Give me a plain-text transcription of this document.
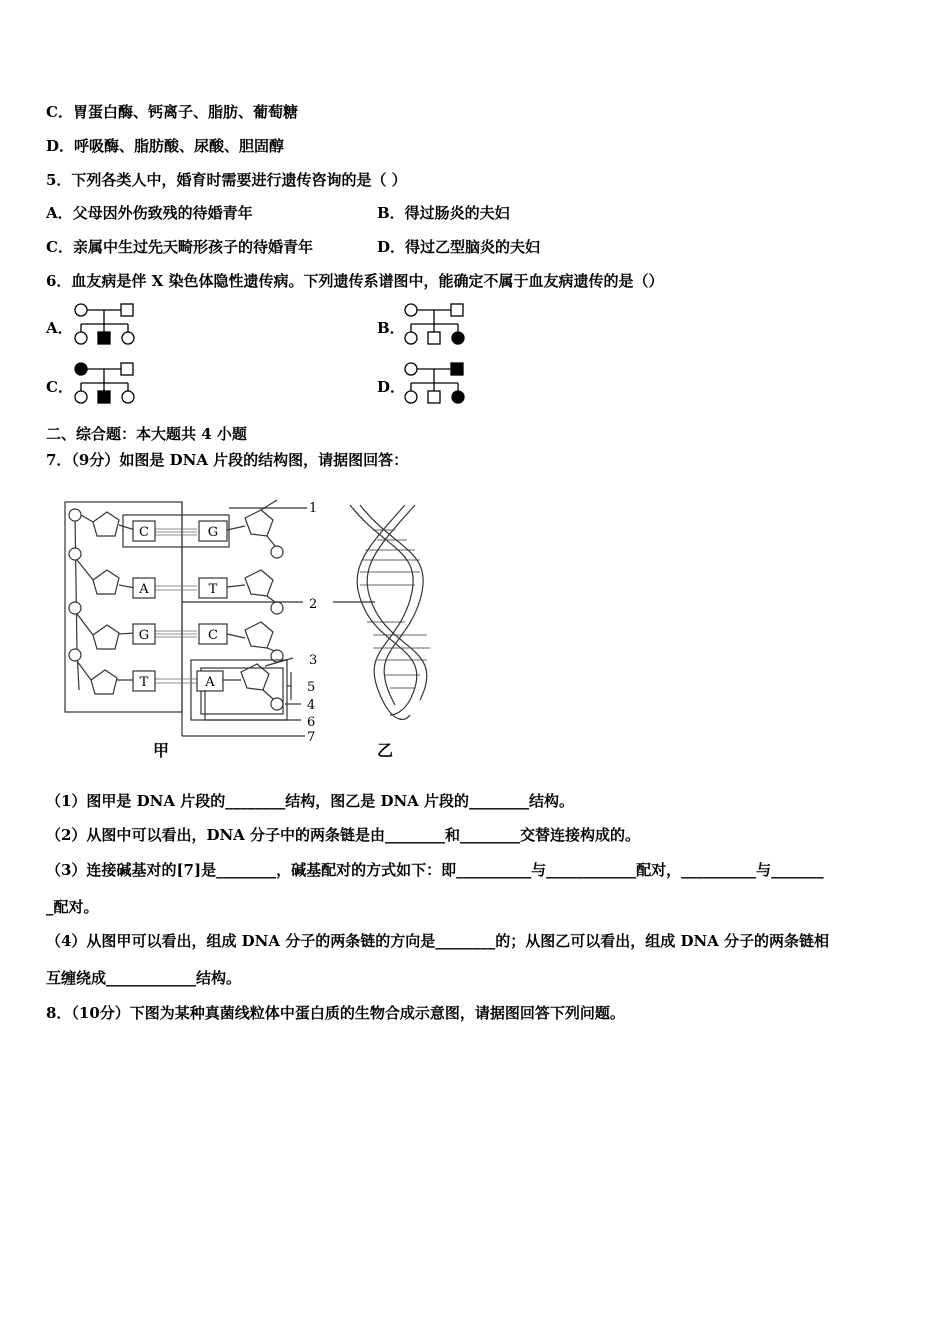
C．胃蛋白酶、钙离子、脂肪、葡萄糖
D．呼吸酶、脂肪酸、尿酸、胆固醇
5．下列各类人中，婚育时需要进行遗传咨询的是（ ）
A．父母因外伤致残的待婚青年	B．得过肠炎的夫妇
C．亲属中生过先天畸形孩子的待婚青年	D．得过乙型脑炎的夫妇
6．血友病是伴 X 染色体隐性遗传病。下列遗传系谱图中，能确定不属于血友病遗传的是（）
A．	B．
C．	D．
二、综合题：本大题共 4 小题
7．（9分）如图是 DNA 片段的结构图，请据图回答：
C
A
G
T
G
T
C
A
1
2
3
4
5
6
7
甲	乙
（1）图甲是 DNA 片段的________结构，图乙是 DNA 片段的________结构。
（2）从图中可以看出，DNA 分子中的两条链是由________和________交替连接构成的。
（3）连接碱基对的[7]是________，碱基配对的方式如下：即__________与____________配对，__________与_______
_配对。
（4）从图甲可以看出，组成 DNA 分子的两条链的方向是________的；从图乙可以看出，组成 DNA 分子的两条链相
互缠绕成____________结构。
8．（10分）下图为某种真菌线粒体中蛋白质的生物合成示意图，请据图回答下列问题。
